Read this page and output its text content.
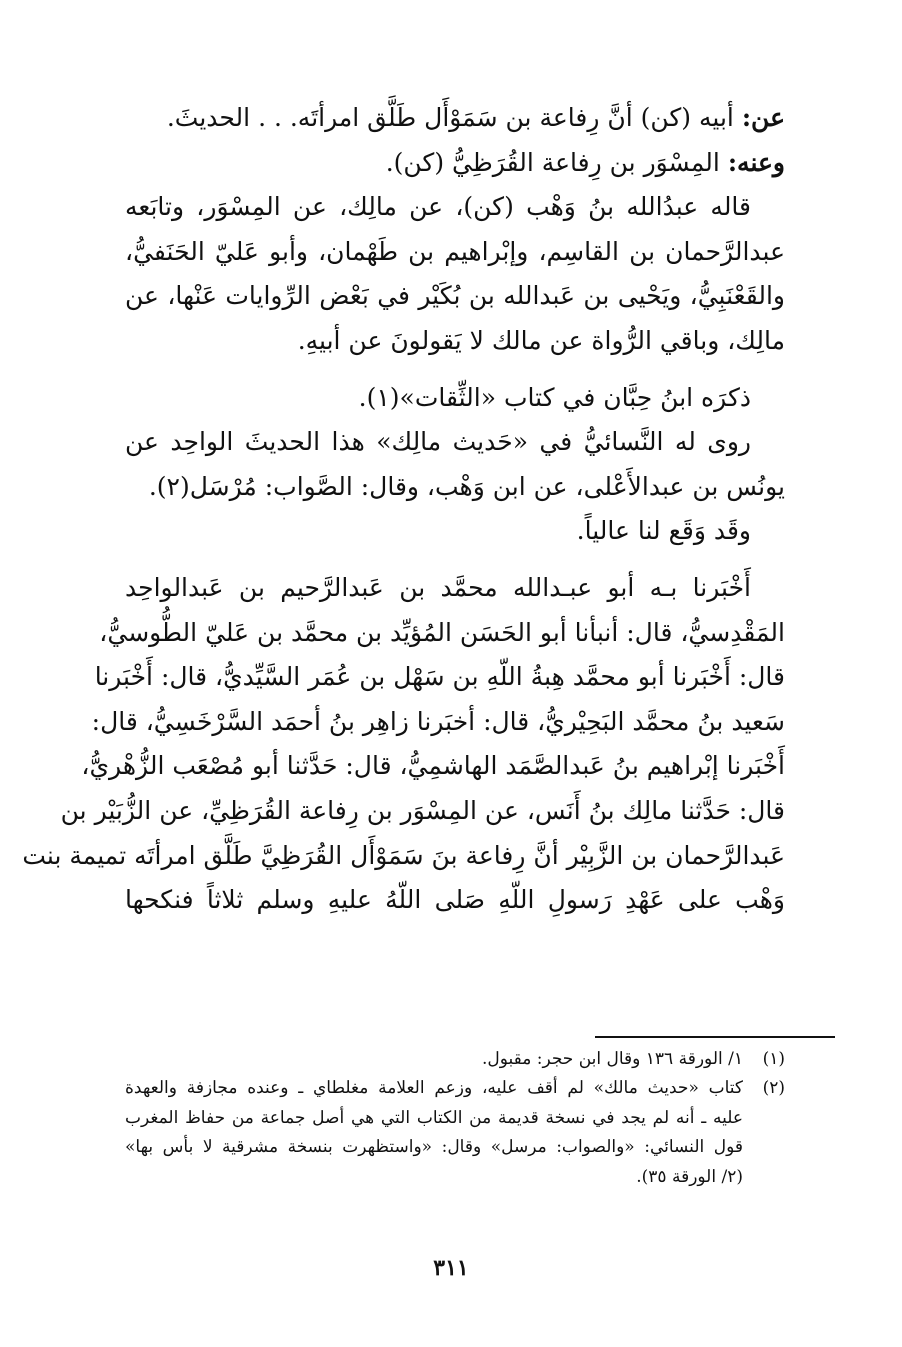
عن: أبيه (كن) أنَّ رِفاعة بن سَمَوْأَل طَلَّق امرأتَه. . . الحديثَ.
وعنه: المِسْوَر بن رِفاعة القُرَظِيُّ (كن).
قاله عبدُالله بنُ وَهْب (كن)، عن مالِك، عن المِسْوَر، وتابَعه
عبدالرَّحمان بن القاسِم، وإبْراهيم بن طَهْمان، وأبو عَليّ الحَنَفيُّ،
والقَعْنَبِيُّ، ويَحْيى بن عَبدالله بن بُكَيْر في بَعْض الرِّوايات عَنْها، عن
مالِك، وباقي الرُّواة عن مالك لا يَقولونَ عن أبيهِ.
ذكرَه ابنُ حِبَّان في كتاب «الثِّقات»(١).
روى له النَّسائيُّ في «حَديث مالِك» هذا الحديثَ الواحِد عن
يونُس بن عبدالأَعْلى، عن ابن وَهْب، وقال: الصَّواب: مُرْسَل(٢).
وقَد وَقَع لنا عالياً.
أَخْبَرنا بـه أبو عبـدالله محمَّد بن عَبدالرَّحيم بن عَبدالواحِد
المَقْدِسيُّ، قال: أنبأنا أبو الحَسَن المُؤيِّد بن محمَّد بن عَليّ الطُّوسيُّ،
قال: أَخْبَرنا أبو محمَّد هِبةُ اللّهِ بن سَهْل بن عُمَر السَّيِّديُّ، قال: أَخْبَرنا
سَعيد بنُ محمَّد البَحِيْريُّ، قال: أخبَرنا زاهِر بنُ أحمَد السَّرْخَسِيُّ، قال:
أَخْبَرنا إبْراهيم بنُ عَبدالصَّمَد الهاشمِيُّ، قال: حَدَّثنا أبو مُصْعَب الزُّهْريُّ،
قال: حَدَّثنا مالِك بنُ أَنَس، عن المِسْوَر بن رِفاعة القُرَظِيِّ، عن الزُّبَيْر بن
عَبدالرَّحمان بن الزَّبِيْر أنَّ رِفاعة بنَ سَمَوْأَل القُرَظِيَّ طَلَّق امرأتَه تميمة بنت
وَهْب على عَهْدِ رَسولِ اللّهِ صَلى اللّهُ عليهِ وسلم ثلاثاً فنكحها
(١)١/ الورقة ١٣٦ وقال ابن حجر: مقبول.
(٢)كتاب «حديث مالك» لم أقف عليه، وزعم العلامة مغلطاي ـ وعنده مجازفة والعهدة
عليه ـ أنه لم يجد في نسخة قديمة من الكتاب التي هي أصل جماعة من حفاظ المغرب
قول النسائي: «والصواب: مرسل» وقال: «واستظهرت بنسخة مشرقية لا بأس بها»
(٢/ الورقة ٣٥).
٣١١
